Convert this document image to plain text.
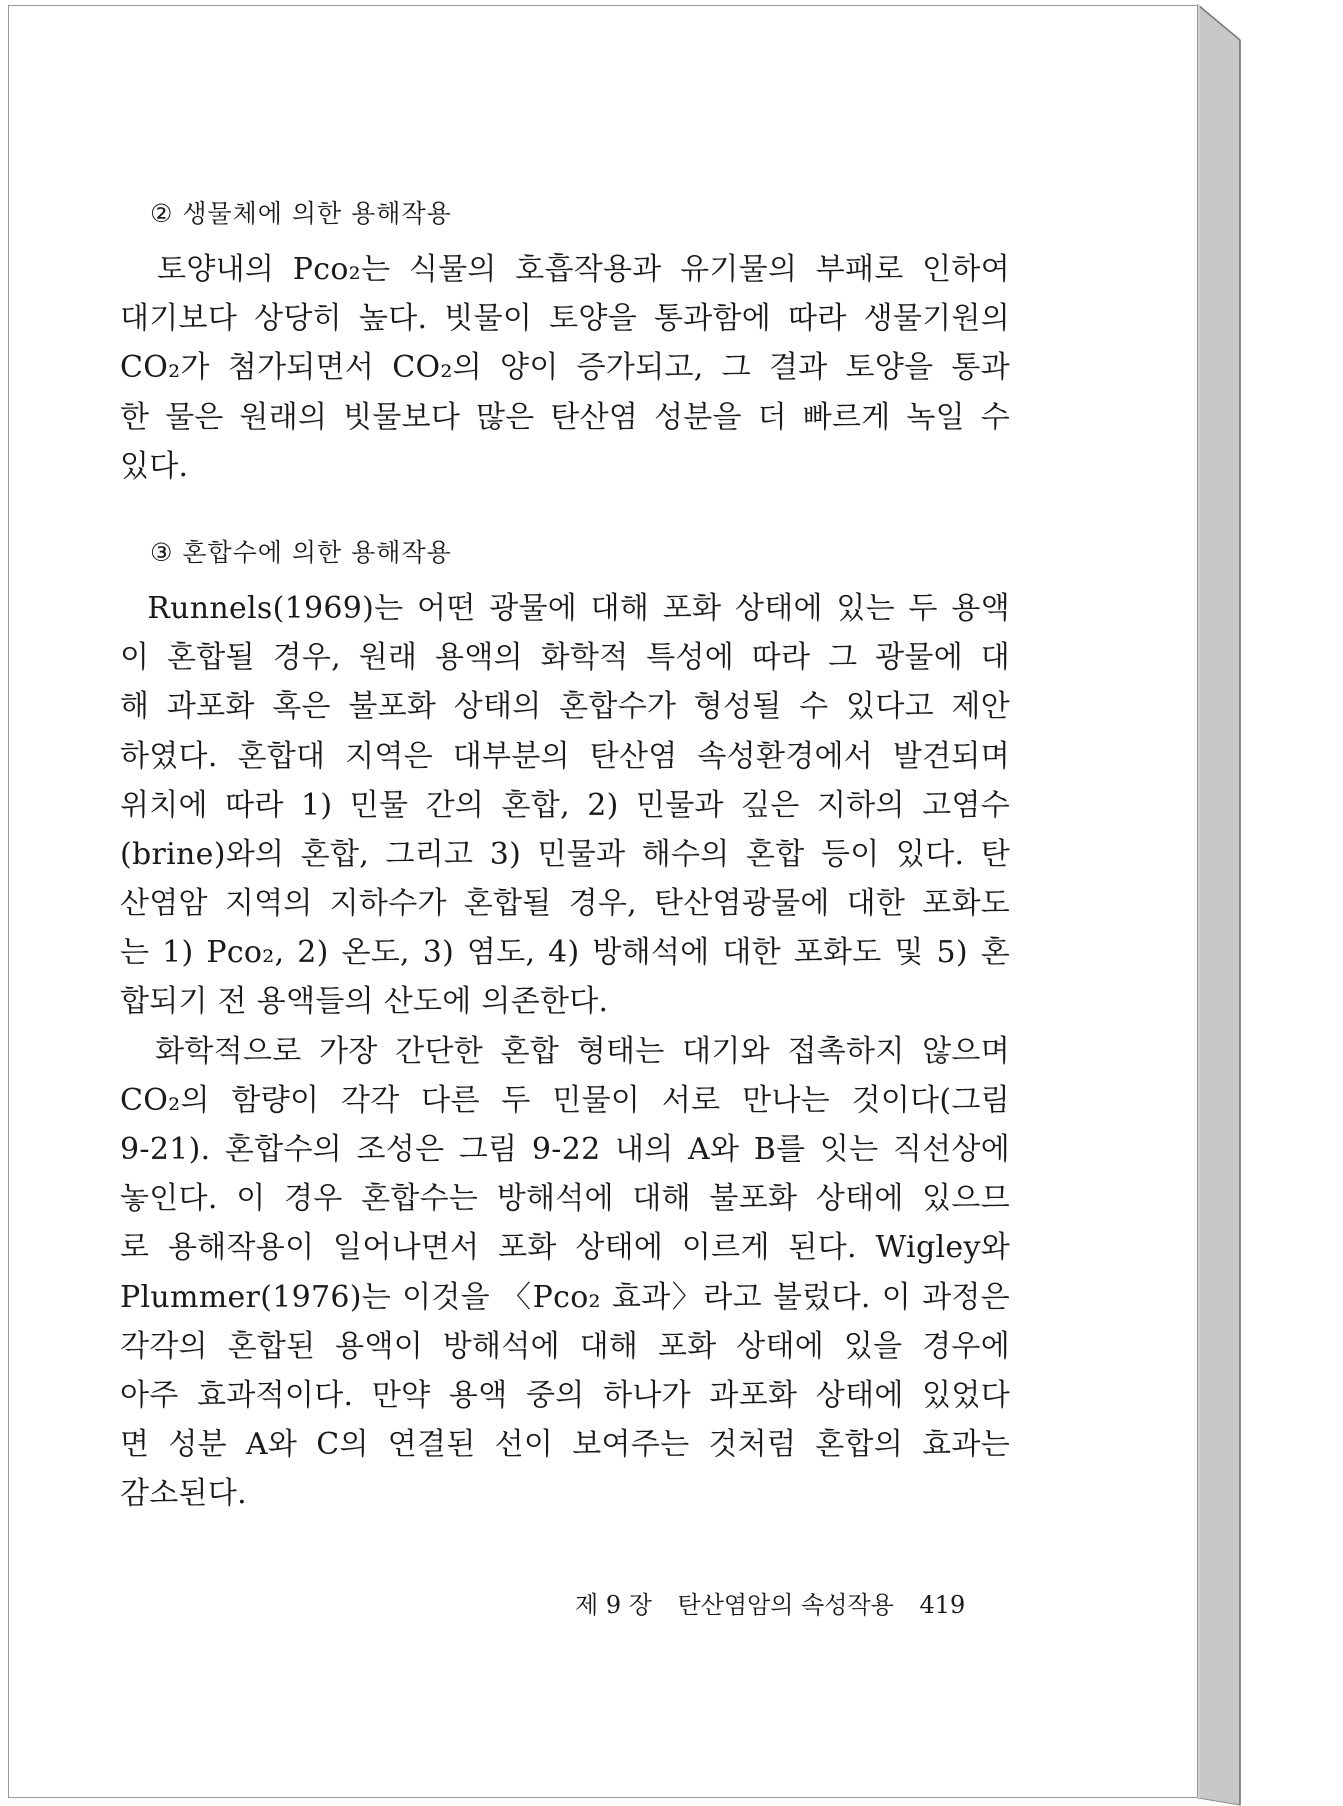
② 생물체에 의한 용해작용

토양내의 Pco₂는 식물의 호흡작용과 유기물의 부패로 인하여
대기보다 상당히 높다. 빗물이 토양을 통과함에 따라 생물기원의
CO₂가 첨가되면서 CO₂의 양이 증가되고, 그 결과 토양을 통과
한 물은 원래의 빗물보다 많은 탄산염 성분을 더 빠르게 녹일 수
있다.

③ 혼합수에 의한 용해작용

Runnels(1969)는 어떤 광물에 대해 포화 상태에 있는 두 용액
이 혼합될 경우, 원래 용액의 화학적 특성에 따라 그 광물에 대
해 과포화 혹은 불포화 상태의 혼합수가 형성될 수 있다고 제안
하였다. 혼합대 지역은 대부분의 탄산염 속성환경에서 발견되며
위치에 따라 1) 민물 간의 혼합, 2) 민물과 깊은 지하의 고염수
(brine)와의 혼합, 그리고 3) 민물과 해수의 혼합 등이 있다. 탄
산염암 지역의 지하수가 혼합될 경우, 탄산염광물에 대한 포화도
는 1) Pco₂, 2) 온도, 3) 염도, 4) 방해석에 대한 포화도 및 5) 혼
합되기 전 용액들의 산도에 의존한다.

화학적으로 가장 간단한 혼합 형태는 대기와 접촉하지 않으며
CO₂의 함량이 각각 다른 두 민물이 서로 만나는 것이다(그림
9-21). 혼합수의 조성은 그림 9-22 내의 A와 B를 잇는 직선상에
놓인다. 이 경우 혼합수는 방해석에 대해 불포화 상태에 있으므
로 용해작용이 일어나면서 포화 상태에 이르게 된다. Wigley와
Plummer(1976)는 이것을 〈Pco₂ 효과〉라고 불렀다. 이 과정은
각각의 혼합된 용액이 방해석에 대해 포화 상태에 있을 경우에
아주 효과적이다. 만약 용액 중의 하나가 과포화 상태에 있었다
면 성분 A와 C의 연결된 선이 보여주는 것처럼 혼합의 효과는
감소된다.

제 9 장 탄산염암의 속성작용 419
